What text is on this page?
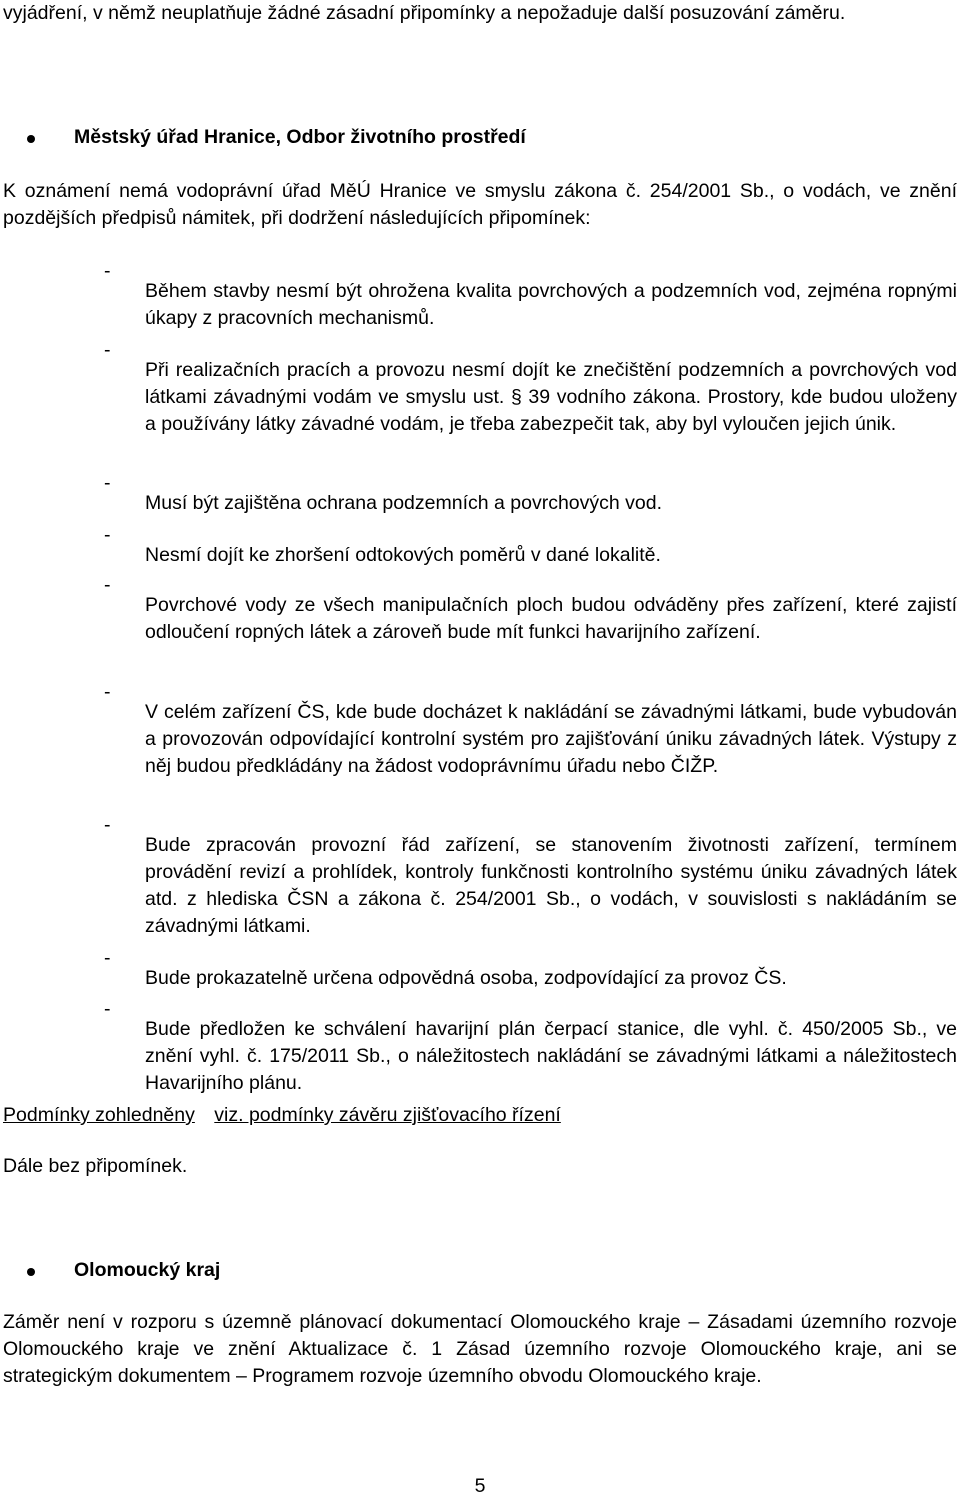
vyjádření, v němž neuplatňuje žádné zásadní připomínky a nepožaduje další posuzování záměru.

Městský úřad Hranice, Odbor životního prostředí

K oznámení nemá vodoprávní úřad MěÚ Hranice ve smyslu zákona č. 254/2001 Sb., o vodách, ve znění pozdějších předpisů námitek, při dodržení následujících připomínek:

-

Během stavby nesmí být ohrožena kvalita povrchových a podzemních vod, zejména ropnými úkapy z pracovních mechanismů.

-

Při realizačních pracích a provozu nesmí dojít ke znečištění podzemních a povrchových vod látkami závadnými vodám ve smyslu ust. § 39 vodního zákona. Prostory, kde budou uloženy a používány látky závadné vodám, je třeba zabezpečit tak, aby byl vyloučen jejich únik.

-

Musí být zajištěna ochrana podzemních a povrchových vod.

-

Nesmí dojít ke zhoršení odtokových poměrů v dané lokalitě.

-

Povrchové vody ze všech manipulačních ploch budou odváděny přes zařízení, které zajistí odloučení ropných látek a zároveň bude mít funkci havarijního zařízení.

-

V celém zařízení ČS, kde bude docházet k nakládání se závadnými látkami, bude vybudován a provozován odpovídající kontrolní systém pro zajišťování úniku závadných látek. Výstupy z něj budou předkládány na žádost vodoprávnímu úřadu nebo ČIŽP.

-

Bude zpracován provozní řád zařízení, se stanovením životnosti zařízení, termínem provádění revizí a prohlídek, kontroly funkčnosti kontrolního systému úniku závadných látek atd. z hlediska ČSN a zákona č. 254/2001 Sb., o vodách, v souvislosti s nakládáním se závadnými látkami.

-

Bude prokazatelně určena odpovědná osoba, zodpovídající za provoz ČS.

-

Bude předložen ke schválení havarijní plán čerpací stanice, dle vyhl. č. 450/2005 Sb., ve znění vyhl. č. 175/2011 Sb., o náležitostech nakládání se závadnými látkami a náležitostech Havarijního plánu.

Podmínky zohledněny viz. podmínky závěru zjišťovacího řízení

Dále bez připomínek.

Olomoucký kraj

Záměr není v rozporu s územně plánovací dokumentací Olomouckého kraje – Zásadami územního rozvoje Olomouckého kraje ve znění Aktualizace č. 1 Zásad územního rozvoje Olomouckého kraje, ani se strategickým dokumentem – Programem rozvoje územního obvodu Olomouckého kraje.

5
